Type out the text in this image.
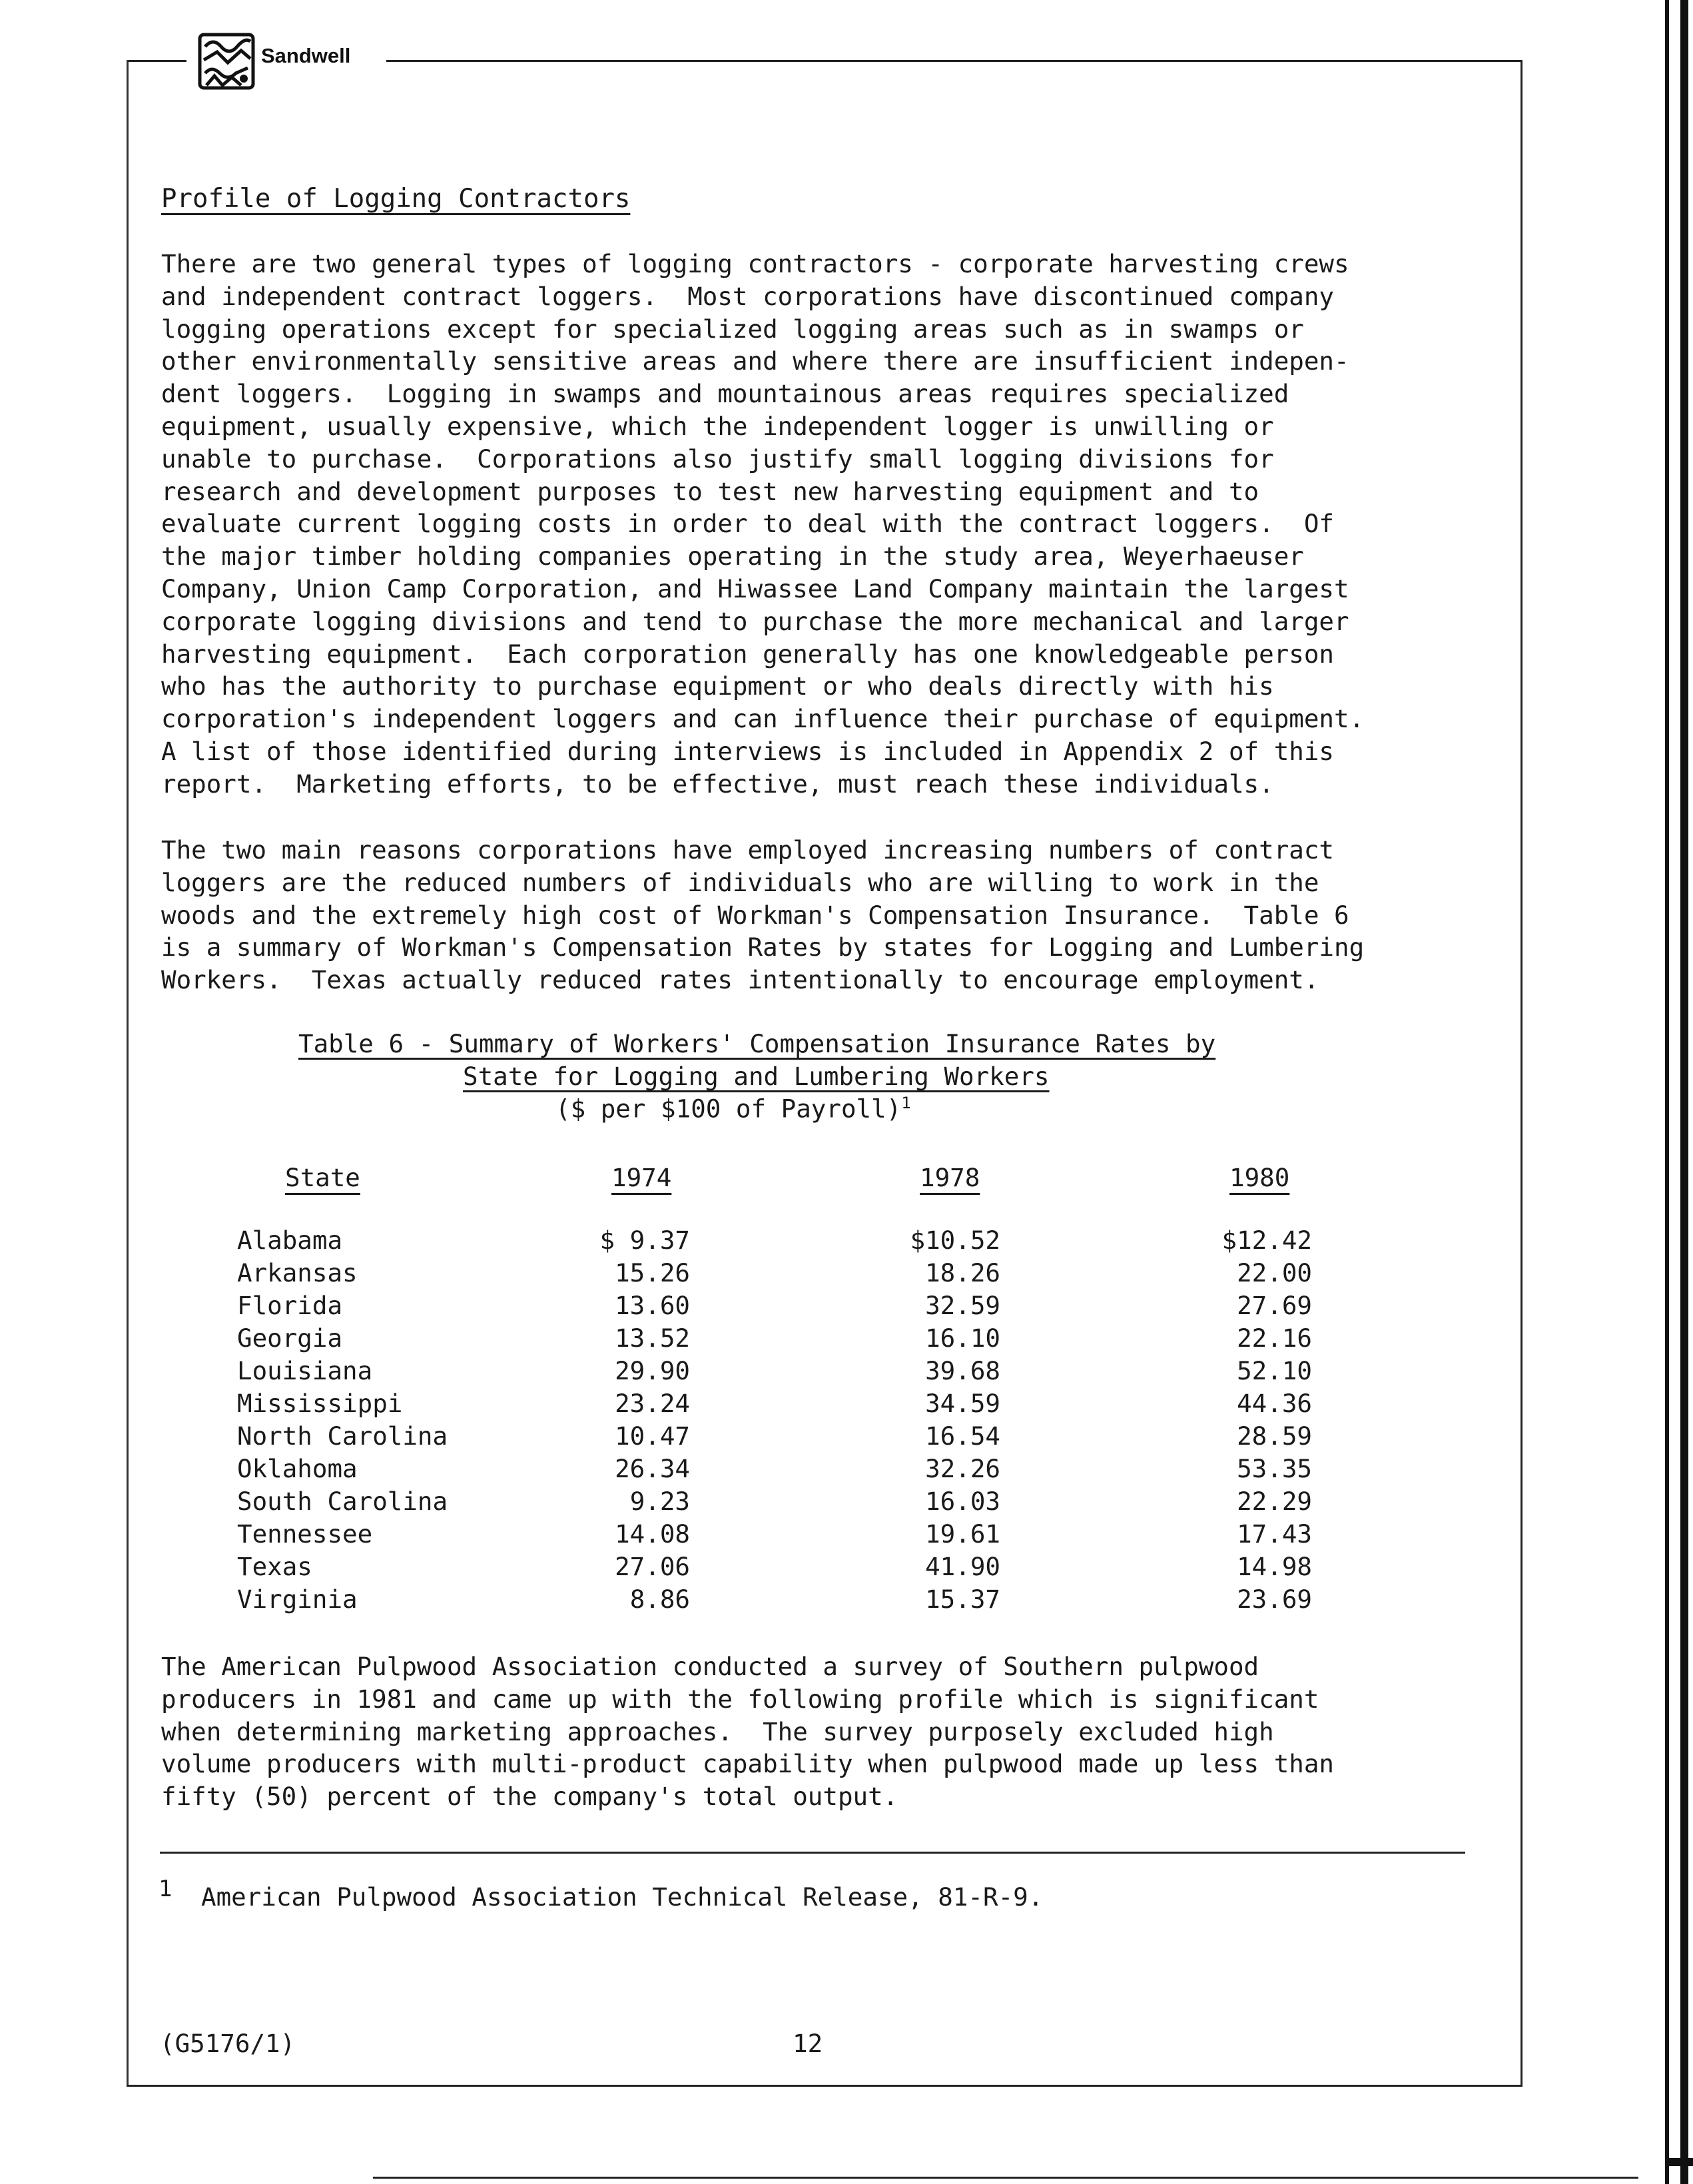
Sandwell
Profile of Logging Contractors
There are two general types of logging contractors - corporate harvesting crews
and independent contract loggers.  Most corporations have discontinued company
logging operations except for specialized logging areas such as in swamps or
other environmentally sensitive areas and where there are insufficient indepen-
dent loggers.  Logging in swamps and mountainous areas requires specialized
equipment, usually expensive, which the independent logger is unwilling or
unable to purchase.  Corporations also justify small logging divisions for
research and development purposes to test new harvesting equipment and to
evaluate current logging costs in order to deal with the contract loggers.  Of
the major timber holding companies operating in the study area, Weyerhaeuser
Company, Union Camp Corporation, and Hiwassee Land Company maintain the largest
corporate logging divisions and tend to purchase the more mechanical and larger
harvesting equipment.  Each corporation generally has one knowledgeable person
who has the authority to purchase equipment or who deals directly with his
corporation's independent loggers and can influence their purchase of equipment.
A list of those identified during interviews is included in Appendix 2 of this
report.  Marketing efforts, to be effective, must reach these individuals.
The two main reasons corporations have employed increasing numbers of contract
loggers are the reduced numbers of individuals who are willing to work in the
woods and the extremely high cost of Workman's Compensation Insurance.  Table 6
is a summary of Workman's Compensation Rates by states for Logging and Lumbering
Workers.  Texas actually reduced rates intentionally to encourage employment.
Table 6 - Summary of Workers' Compensation Insurance Rates by
State for Logging and Lumbering Workers
($ per $100 of Payroll)$^1$
State	1974	1978	1980
Alabama	$ 9.37	$10.52	$12.42
Arkansas	15.26	18.26	22.00
Florida	13.60	32.59	27.69
Georgia	13.52	16.10	22.16
Louisiana	29.90	39.68	52.10
Mississippi	23.24	34.59	44.36
North Carolina	10.47	16.54	28.59
Oklahoma	26.34	32.26	53.35
South Carolina	9.23	16.03	22.29
Tennessee	14.08	19.61	17.43
Texas	27.06	41.90	14.98
Virginia	8.86	15.37	23.69
The American Pulpwood Association conducted a survey of Southern pulpwood
producers in 1981 and came up with the following profile which is significant
when determining marketing approaches.  The survey purposely excluded high
volume producers with multi-product capability when pulpwood made up less than
fifty (50) percent of the company's total output.
1 American Pulpwood Association Technical Release, 81-R-9.
(G5176/1)	12
